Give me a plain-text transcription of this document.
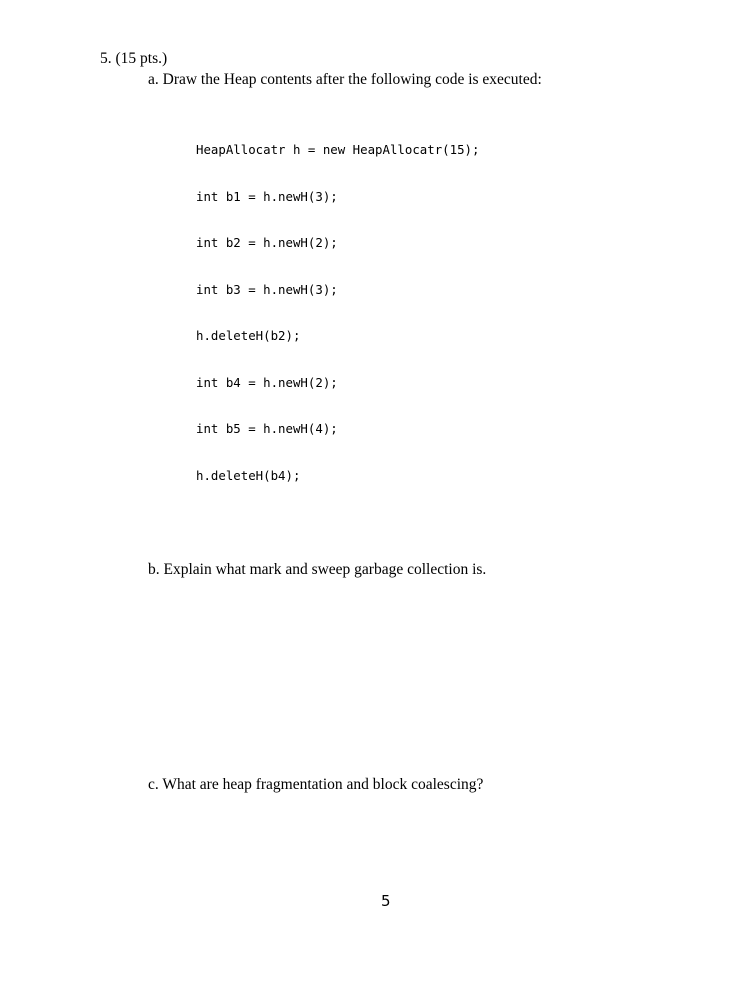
5. (15 pts.)
a. Draw the Heap contents after the following code is executed:

HeapAllocatr h = new HeapAllocatr(15);

int b1 = h.newH(3);

int b2 = h.newH(2);

int b3 = h.newH(3);

h.deleteH(b2);

int b4 = h.newH(2);

int b5 = h.newH(4);

h.deleteH(b4);

b. Explain what mark and sweep garbage collection is.
c. What are heap fragmentation and block coalescing?
5
